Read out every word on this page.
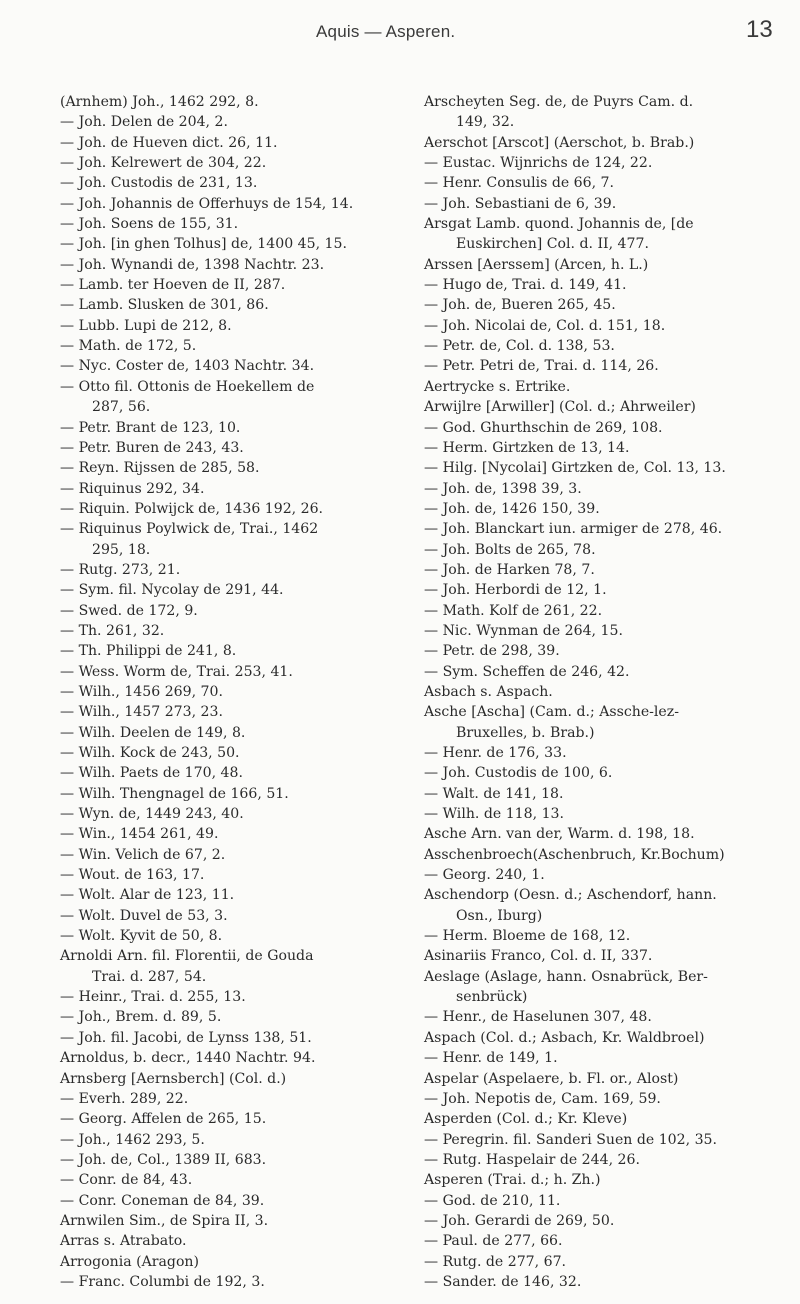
Aquis — Asperen.	13
(Arnhem) Joh., 1462 292, 8.
— Joh. Delen de 204, 2.
— Joh. de Hueven dict. 26, 11.
— Joh. Kelrewert de 304, 22.
— Joh. Custodis de 231, 13.
— Joh. Johannis de Offerhuys de 154, 14.
— Joh. Soens de 155, 31.
— Joh. [in ghen Tolhus] de, 1400 45, 15.
— Joh. Wynandi de, 1398 Nachtr. 23.
— Lamb. ter Hoeven de II, 287.
— Lamb. Slusken de 301, 86.
— Lubb. Lupi de 212, 8.
— Math. de 172, 5.
— Nyc. Coster de, 1403 Nachtr. 34.
— Otto fil. Ottonis de Hoekellem de
287, 56.
— Petr. Brant de 123, 10.
— Petr. Buren de 243, 43.
— Reyn. Rijssen de 285, 58.
— Riquinus 292, 34.
— Riquin. Polwijck de, 1436 192, 26.
— Riquinus Poylwick de, Trai., 1462
295, 18.
— Rutg. 273, 21.
— Sym. fil. Nycolay de 291, 44.
— Swed. de 172, 9.
— Th. 261, 32.
— Th. Philippi de 241, 8.
— Wess. Worm de, Trai. 253, 41.
— Wilh., 1456 269, 70.
— Wilh., 1457 273, 23.
— Wilh. Deelen de 149, 8.
— Wilh. Kock de 243, 50.
— Wilh. Paets de 170, 48.
— Wilh. Thengnagel de 166, 51.
— Wyn. de, 1449 243, 40.
— Win., 1454 261, 49.
— Win. Velich de 67, 2.
— Wout. de 163, 17.
— Wolt. Alar de 123, 11.
— Wolt. Duvel de 53, 3.
— Wolt. Kyvit de 50, 8.
Arnoldi Arn. fil. Florentii, de Gouda
Trai. d. 287, 54.
— Heinr., Trai. d. 255, 13.
— Joh., Brem. d. 89, 5.
— Joh. fil. Jacobi, de Lynss 138, 51.
Arnoldus, b. decr., 1440 Nachtr. 94.
Arnsberg [Aernsberch] (Col. d.)
— Everh. 289, 22.
— Georg. Affelen de 265, 15.
— Joh., 1462 293, 5.
— Joh. de, Col., 1389 II, 683.
— Conr. de 84, 43.
— Conr. Coneman de 84, 39.
Arnwilen Sim., de Spira II, 3.
Arras s. Atrabato.
Arrogonia (Aragon)
— Franc. Columbi de 192, 3.
Arscheyten Seg. de, de Puyrs Cam. d.
149, 32.
Aerschot [Arscot] (Aerschot, b. Brab.)
— Eustac. Wijnrichs de 124, 22.
— Henr. Consulis de 66, 7.
— Joh. Sebastiani de 6, 39.
Arsgat Lamb. quond. Johannis de, [de
Euskirchen] Col. d. II, 477.
Arssen [Aerssem] (Arcen, h. L.)
— Hugo de, Trai. d. 149, 41.
— Joh. de, Bueren 265, 45.
— Joh. Nicolai de, Col. d. 151, 18.
— Petr. de, Col. d. 138, 53.
— Petr. Petri de, Trai. d. 114, 26.
Aertrycke s. Ertrike.
Arwijlre [Arwiller] (Col. d.; Ahrweiler)
— God. Ghurthschin de 269, 108.
— Herm. Girtzken de 13, 14.
— Hilg. [Nycolai] Girtzken de, Col. 13, 13.
— Joh. de, 1398 39, 3.
— Joh. de, 1426 150, 39.
— Joh. Blanckart iun. armiger de 278, 46.
— Joh. Bolts de 265, 78.
— Joh. de Harken 78, 7.
— Joh. Herbordi de 12, 1.
— Math. Kolf de 261, 22.
— Nic. Wynman de 264, 15.
— Petr. de 298, 39.
— Sym. Scheffen de 246, 42.
Asbach s. Aspach.
Asche [Ascha] (Cam. d.; Assche-lez-
Bruxelles, b. Brab.)
— Henr. de 176, 33.
— Joh. Custodis de 100, 6.
— Walt. de 141, 18.
— Wilh. de 118, 13.
Asche Arn. van der, Warm. d. 198, 18.
Asschenbroech(Aschenbruch, Kr.Bochum)
— Georg. 240, 1.
Aschendorp (Oesn. d.; Aschendorf, hann.
Osn., Iburg)
— Herm. Bloeme de 168, 12.
Asinariis Franco, Col. d. II, 337.
Aeslage (Aslage, hann. Osnabrück, Ber-
senbrück)
— Henr., de Haselunen 307, 48.
Aspach (Col. d.; Asbach, Kr. Waldbroel)
— Henr. de 149, 1.
Aspelar (Aspelaere, b. Fl. or., Alost)
— Joh. Nepotis de, Cam. 169, 59.
Asperden (Col. d.; Kr. Kleve)
— Peregrin. fil. Sanderi Suen de 102, 35.
— Rutg. Haspelair de 244, 26.
Asperen (Trai. d.; h. Zh.)
— God. de 210, 11.
— Joh. Gerardi de 269, 50.
— Paul. de 277, 66.
— Rutg. de 277, 67.
— Sander. de 146, 32.
